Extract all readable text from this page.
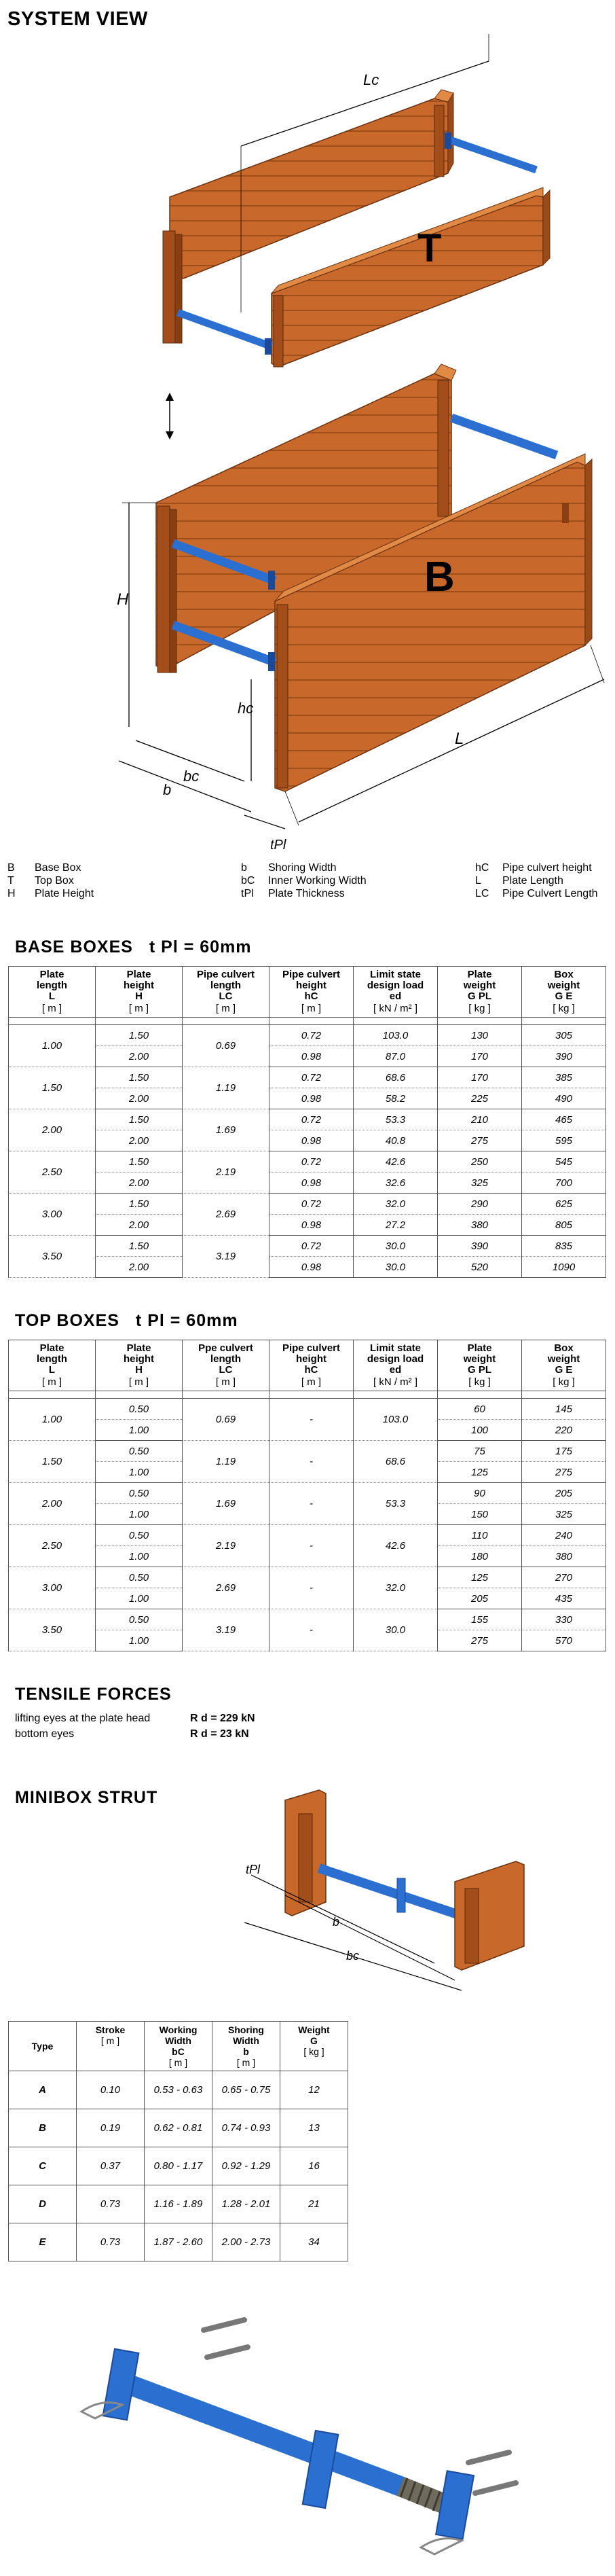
SYSTEM VIEW
T
Lc
B
H
hc
bc
b
tPl
L
B	Base Box
T	Top Box
H	Plate Height
b	Shoring Width
bC	Inner Working Width
tPl	Plate Thickness
hC	Pipe culvert height
L	Plate Length
LC	Pipe Culvert Length
BASE BOXES t Pl = 60mm
Plate
length
L
[ m ]	Plate
height
H
[ m ]	Pipe culvert
length
LC
[ m ]	Pipe culvert
height
hC
[ m ]	Limit state
design load
ed
[ kN / m² ]	Plate
weight
G PL
[ kg ]	Box
weight
G E
[ kg ]

1.00	1.50	0.69	0.72	103.0	130	305
	2.00		0.98	87.0	170	390
1.50	1.50	1.19	0.72	68.6	170	385
	2.00		0.98	58.2	225	490
2.00	1.50	1.69	0.72	53.3	210	465
	2.00		0.98	40.8	275	595
2.50	1.50	2.19	0.72	42.6	250	545
	2.00		0.98	32.6	325	700
3.00	1.50	2.69	0.72	32.0	290	625
	2.00		0.98	27.2	380	805
3.50	1.50	3.19	0.72	30.0	390	835
	2.00		0.98	30.0	520	1090
TOP BOXES t Pl = 60mm
Plate
length
L
[ m ]	Plate
height
H
[ m ]	Ppe culvert
length
LC
[ m ]	Pipe culvert
height
hC
[ m ]	Limit state
design load
ed
[ kN / m² ]	Plate
weight
G PL
[ kg ]	Box
weight
G E
[ kg ]

1.00	0.50	0.69	-	103.0	60	145
	1.00				100	220
1.50	0.50	1.19	-	68.6	75	175
	1.00				125	275
2.00	0.50	1.69	-	53.3	90	205
	1.00				150	325
2.50	0.50	2.19	-	42.6	110	240
	1.00				180	380
3.00	0.50	2.69	-	32.0	125	270
	1.00				205	435
3.50	0.50	3.19	-	30.0	155	330
	1.00				275	570
TENSILE FORCES
lifting eyes at the plate head	R d = 229 kN
bottom eyes	R d = 23 kN
MINIBOX STRUT
tPl
b
bc
Type	Stroke
[ m ]	Working
Width
bC
[ m ]	Shoring
Width
b
[ m ]	Weight
G
[ kg ]

A	0.10	0.53 - 0.63	0.65 - 0.75	12
B	0.19	0.62 - 0.81	0.74 - 0.93	13
C	0.37	0.80 - 1.17	0.92 - 1.29	16
D	0.73	1.16 - 1.89	1.28 - 2.01	21
E	0.73	1.87 - 2.60	2.00 - 2.73	34
